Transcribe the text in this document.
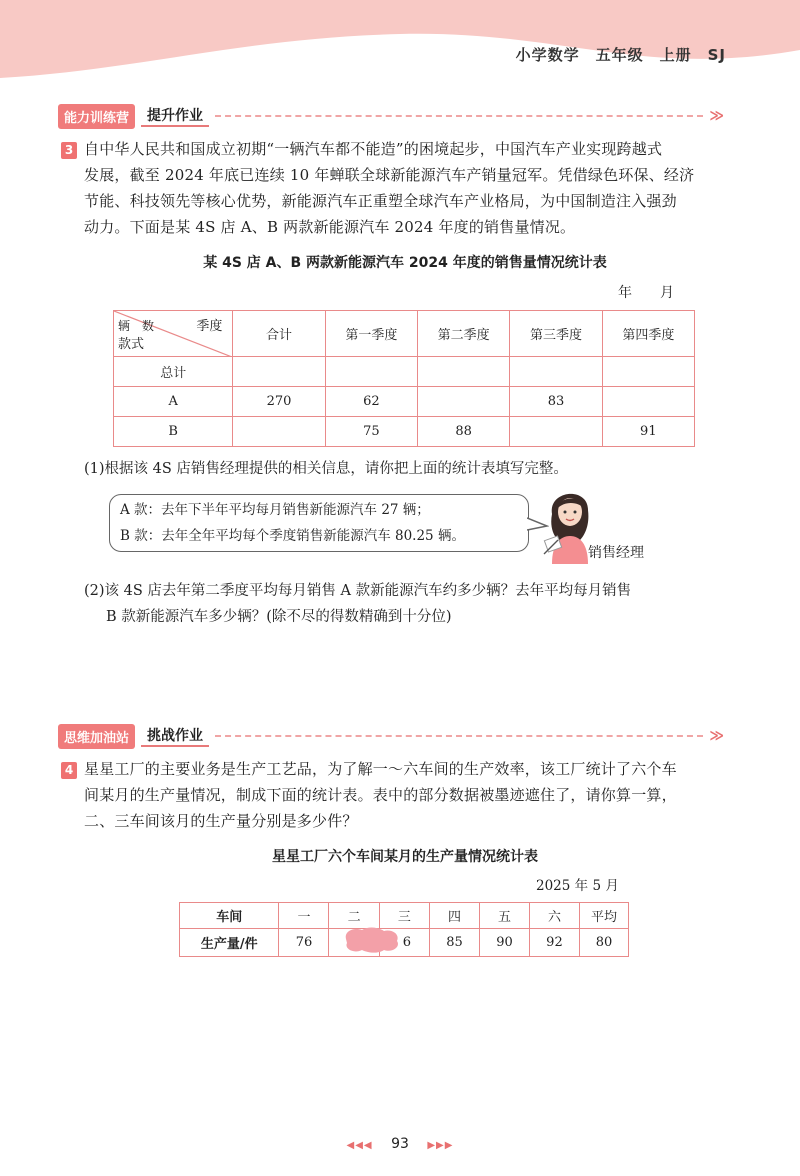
小学数学　五年级　上册　SJ
能力训练营	提升作业	≫
3 自中华人民共和国成立初期“一辆汽车都不能造”的困境起步，中国汽车产业实现跨越式
发展，截至 2024 年底已连续 10 年蝉联全球新能源汽车产销量冠军。凭借绿色环保、经济
节能、科技领先等核心优势，新能源汽车正重塑全球汽车产业格局，为中国制造注入强劲
动力。下面是某 4S 店 A、B 两款新能源汽车 2024 年度的销售量情况。
某 4S 店 A、B 两款新能源汽车 2024 年度的销售量情况统计表
年　　月
季度
辆　数
款式	合计	第一季度	第二季度	第三季度	第四季度
总计					
A	270	62		83	
B		75	88		91
(1)根据该 4S 店销售经理提供的相关信息，请你把上面的统计表填写完整。
A 款：去年下半年平均每月销售新能源汽车 27 辆；
B 款：去年全年平均每个季度销售新能源汽车 80.25 辆。
销售经理
(2)该 4S 店去年第二季度平均每月销售 A 款新能源汽车约多少辆？去年平均每月销售
B 款新能源汽车多少辆？(除不尽的得数精确到十分位)
思维加油站	挑战作业	≫
4 星星工厂的主要业务是生产工艺品，为了解一～六车间的生产效率，该工厂统计了六个车
间某月的生产量情况，制成下面的统计表。表中的部分数据被墨迹遮住了，请你算一算，
二、三车间该月的生产量分别是多少件？
星星工厂六个车间某月的生产量情况统计表
2025 年 5 月
车间	一	二	三	四	五	六	平均
生产量/件	76		6	85	90	92	80
◀◀◀ 93 ▶▶▶
